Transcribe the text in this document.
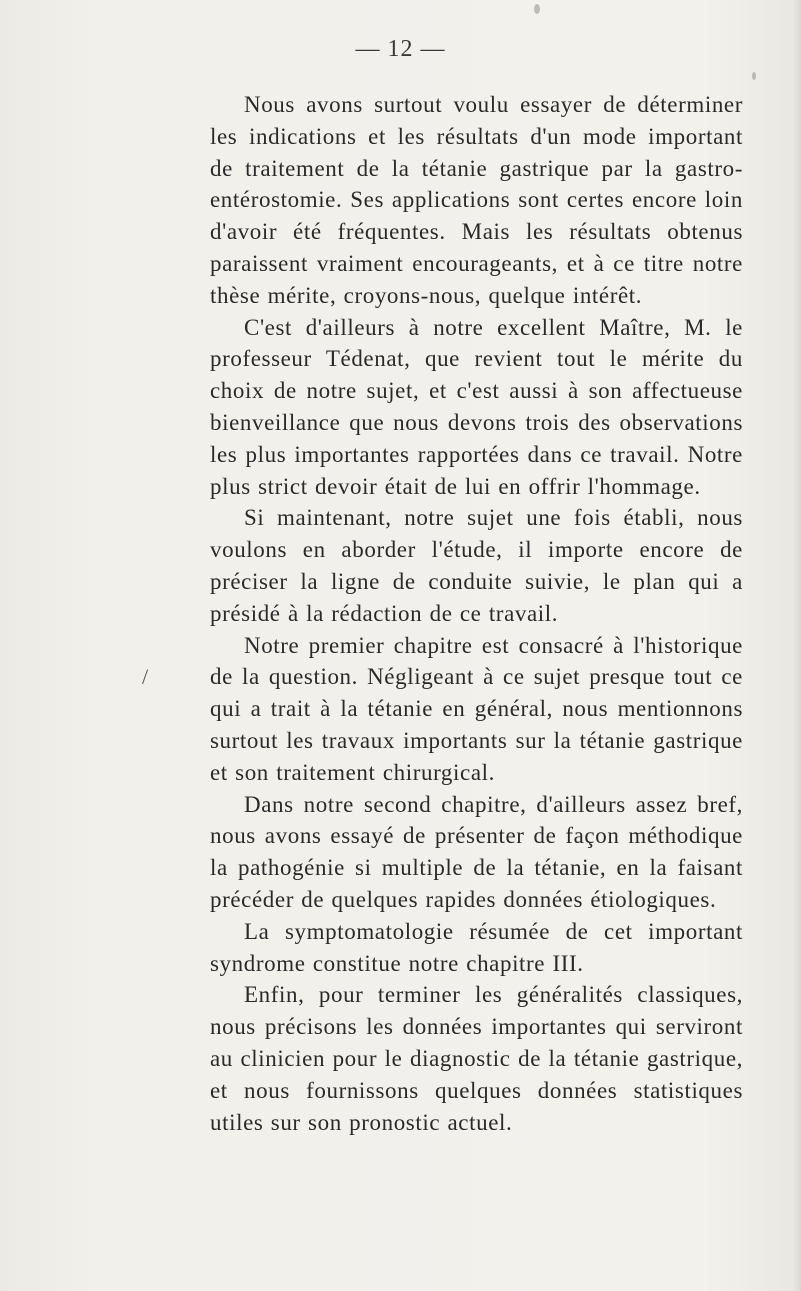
— 12 —
/

Nous avons surtout voulu essayer de déterminer les indications et les résultats d'un mode important de traitement de la tétanie gastrique par la gastro-entérostomie. Ses applications sont certes encore loin d'avoir été fréquentes. Mais les résultats obtenus paraissent vraiment encourageants, et à ce titre notre thèse mérite, croyons-nous, quelque intérêt.

C'est d'ailleurs à notre excellent Maître, M. le professeur Tédenat, que revient tout le mérite du choix de notre sujet, et c'est aussi à son affectueuse bienveillance que nous devons trois des observations les plus importantes rapportées dans ce travail. Notre plus strict devoir était de lui en offrir l'hommage.

Si maintenant, notre sujet une fois établi, nous voulons en aborder l'étude, il importe encore de préciser la ligne de conduite suivie, le plan qui a présidé à la rédaction de ce travail.

Notre premier chapitre est consacré à l'historique de la question. Négligeant à ce sujet presque tout ce qui a trait à la tétanie en général, nous mentionnons surtout les travaux importants sur la tétanie gastrique et son traitement chirurgical.

Dans notre second chapitre, d'ailleurs assez bref, nous avons essayé de présenter de façon méthodique la pathogénie si multiple de la tétanie, en la faisant précéder de quelques rapides données étiologiques.

La symptomatologie résumée de cet important syndrome constitue notre chapitre III.

Enfin, pour terminer les généralités classiques, nous précisons les données importantes qui serviront au clinicien pour le diagnostic de la tétanie gastrique, et nous fournissons quelques données statistiques utiles sur son pronostic actuel.
